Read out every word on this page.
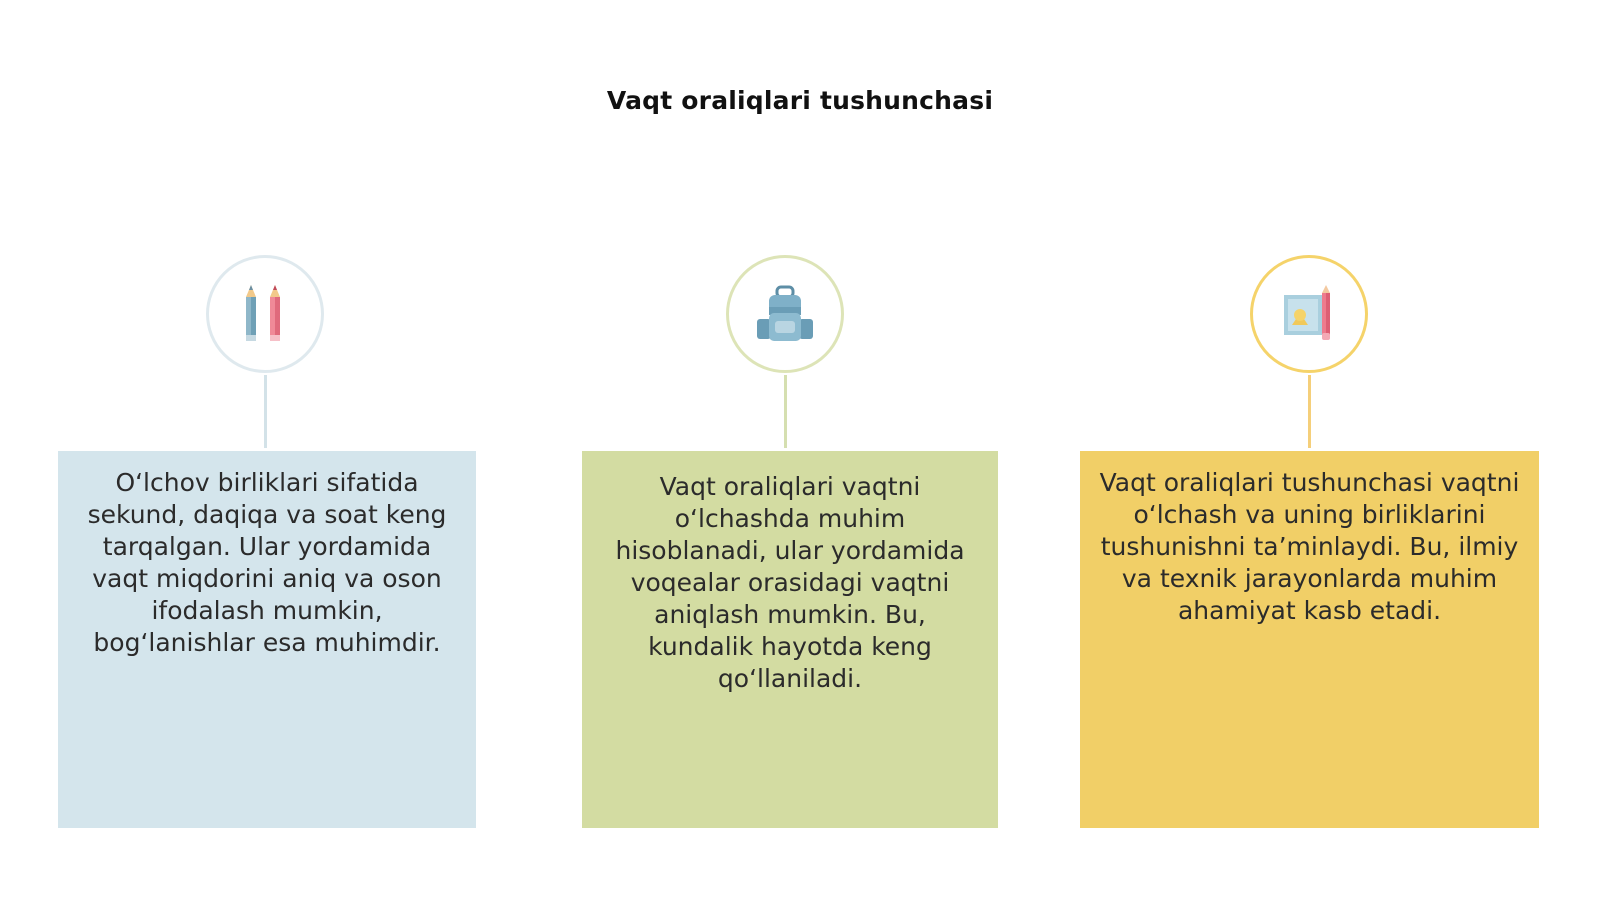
Vaqt oraliqlari tushunchasi
O‘lchov birliklari sifatida sekund, daqiqa va soat keng tarqalgan. Ular yordamida vaqt miqdorini aniq va oson ifodalash mumkin, bog‘lanishlar esa muhimdir.
Vaqt oraliqlari vaqtni o‘lchashda muhim hisoblanadi, ular yordamida voqealar orasidagi vaqtni aniqlash mumkin. Bu, kundalik hayotda keng qo‘llaniladi.
Vaqt oraliqlari tushunchasi vaqtni o‘lchash va uning birliklarini tushunishni ta’minlaydi. Bu, ilmiy va texnik jarayonlarda muhim ahamiyat kasb etadi.
